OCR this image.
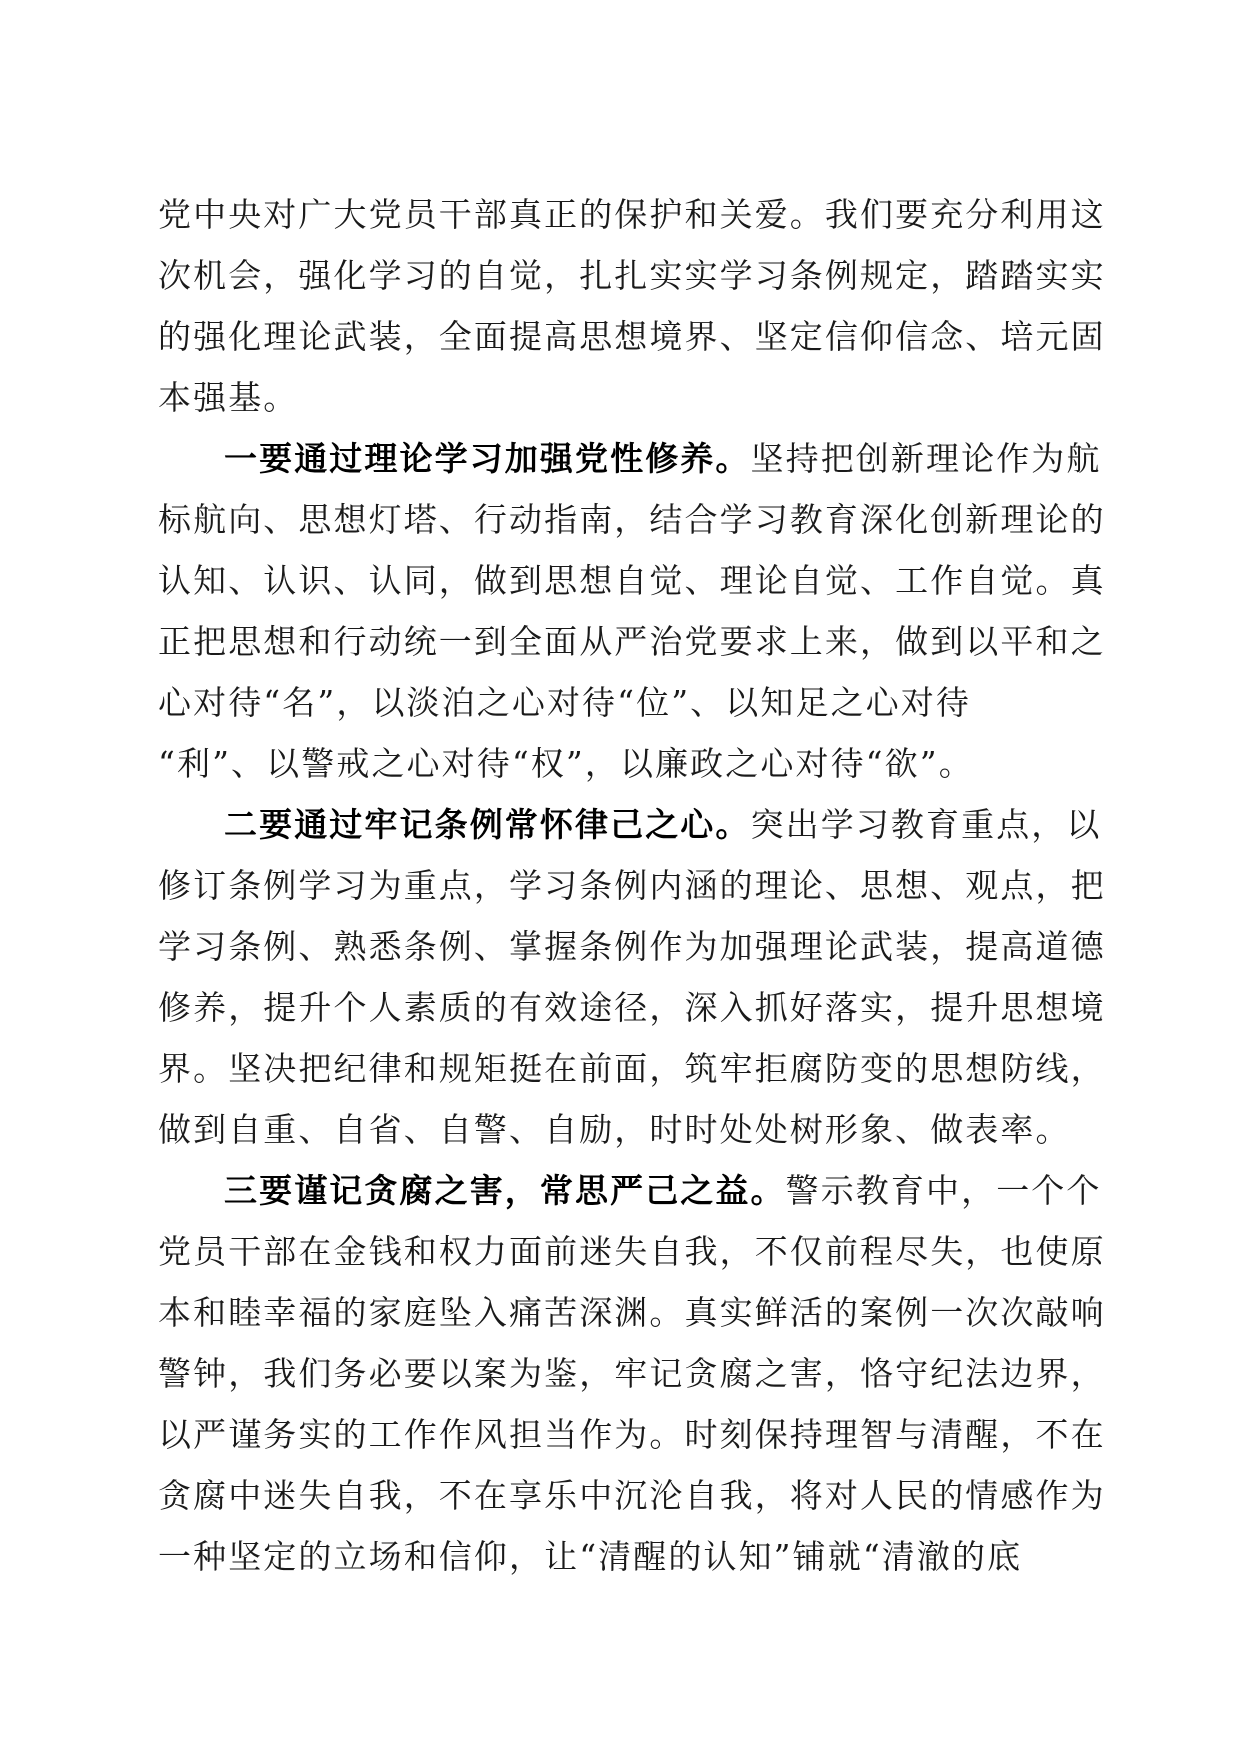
党中央对广大党员干部真正的保护和关爱。我们要充分利用这
次机会，强化学习的自觉，扎扎实实学习条例规定，踏踏实实
的强化理论武装，全面提高思想境界、坚定信仰信念、培元固
本强基。
一要通过理论学习加强党性修养。坚持把创新理论作为航
标航向、思想灯塔、行动指南，结合学习教育深化创新理论的
认知、认识、认同，做到思想自觉、理论自觉、工作自觉。真
正把思想和行动统一到全面从严治党要求上来，做到以平和之
心对待“名”，以淡泊之心对待“位”、以知足之心对待
“利”、以警戒之心对待“权”，以廉政之心对待“欲”。
二要通过牢记条例常怀律己之心。突出学习教育重点，以
修订条例学习为重点，学习条例内涵的理论、思想、观点，把
学习条例、熟悉条例、掌握条例作为加强理论武装，提高道德
修养，提升个人素质的有效途径，深入抓好落实，提升思想境
界。坚决把纪律和规矩挺在前面，筑牢拒腐防变的思想防线，
做到自重、自省、自警、自励，时时处处树形象、做表率。
三要谨记贪腐之害，常思严己之益。警示教育中，一个个
党员干部在金钱和权力面前迷失自我，不仅前程尽失，也使原
本和睦幸福的家庭坠入痛苦深渊。真实鲜活的案例一次次敲响
警钟，我们务必要以案为鉴，牢记贪腐之害，恪守纪法边界，
以严谨务实的工作作风担当作为。时刻保持理智与清醒，不在
贪腐中迷失自我，不在享乐中沉沦自我，将对人民的情感作为
一种坚定的立场和信仰，让“清醒的认知”铺就“清澈的底
